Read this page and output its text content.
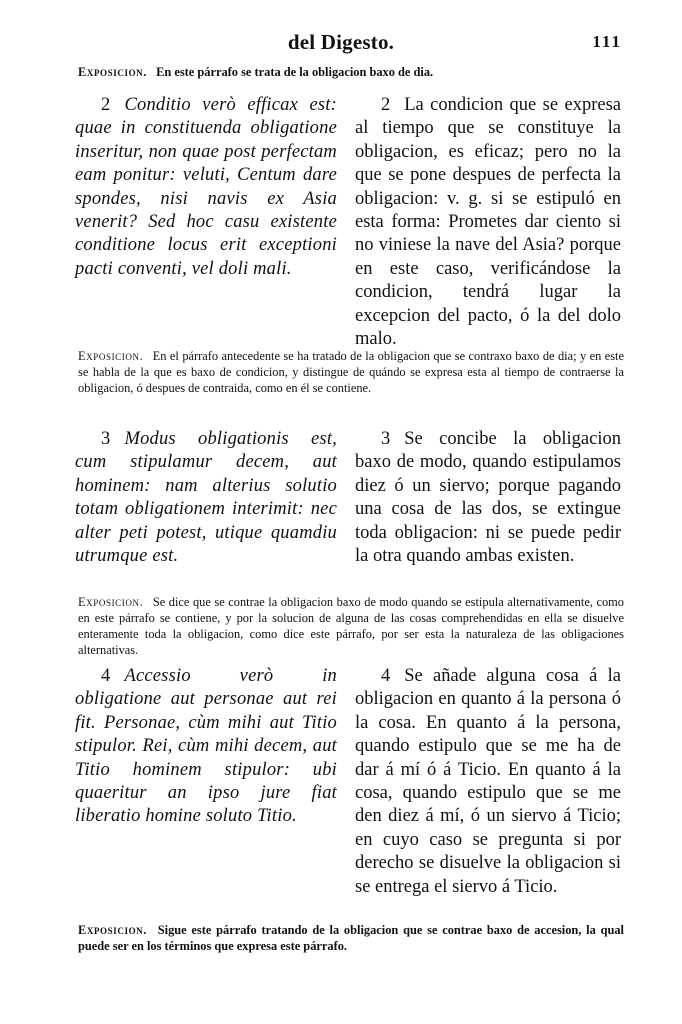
del Digesto.	111
Exposicion. En este párrafo se trata de la obligacion baxo de dia.
2 Conditio verò efficax est: quae in constituenda obligatione inseritur, non quae post perfectam eam ponitur: veluti, Centum dare spondes, nisi navis ex Asia venerit? Sed hoc casu existente conditione locus erit exceptioni pacti conventi, vel doli mali.
2 La condicion que se expresa al tiempo que se constituye la obligacion, es eficaz; pero no la que se pone despues de perfecta la obligacion: v. g. si se estipuló en esta forma: Prometes dar ciento si no viniese la nave del Asia? porque en este caso, verificándose la condicion, tendrá lugar la excepcion del pacto, ó la del dolo malo.
Exposicion. En el párrafo antecedente se ha tratado de la obligacion que se contraxo baxo de dia; y en este se habla de la que es baxo de condicion, y distingue de quándo se expresa esta al tiempo de contraerse la obligacion, ó despues de contraida, como en él se contiene.
3 Modus obligationis est, cum stipulamur decem, aut hominem: nam alterius solutio totam obligationem interimit: nec alter peti potest, utique quamdiu utrumque est.
3 Se concibe la obligacion baxo de modo, quando estipulamos diez ó un siervo; porque pagando una cosa de las dos, se extingue toda obligacion: ni se puede pedir la otra quando ambas existen.
Exposicion. Se dice que se contrae la obligacion baxo de modo quando se estipula alternativamente, como en este párrafo se contiene, y por la solucion de alguna de las cosas comprehendidas en ella se disuelve enteramente toda la obligacion, como dice este párrafo, por ser esta la naturaleza de las obligaciones alternativas.
4 Accessio verò in obligatione aut personae aut rei fit. Personae, cùm mihi aut Titio stipulor. Rei, cùm mihi decem, aut Titio hominem stipulor: ubi quaeritur an ipso jure fiat liberatio homine soluto Titio.
4 Se añade alguna cosa á la obligacion en quanto á la persona ó la cosa. En quanto á la persona, quando estipulo que se me ha de dar á mí ó á Ticio. En quanto á la cosa, quando estipulo que se me den diez á mí, ó un siervo á Ticio; en cuyo caso se pregunta si por derecho se disuelve la obligacion si se entrega el siervo á Ticio.
Exposicion. Sigue este párrafo tratando de la obligacion que se contrae baxo de accesion, la qual puede ser en los términos que expresa este párrafo.
